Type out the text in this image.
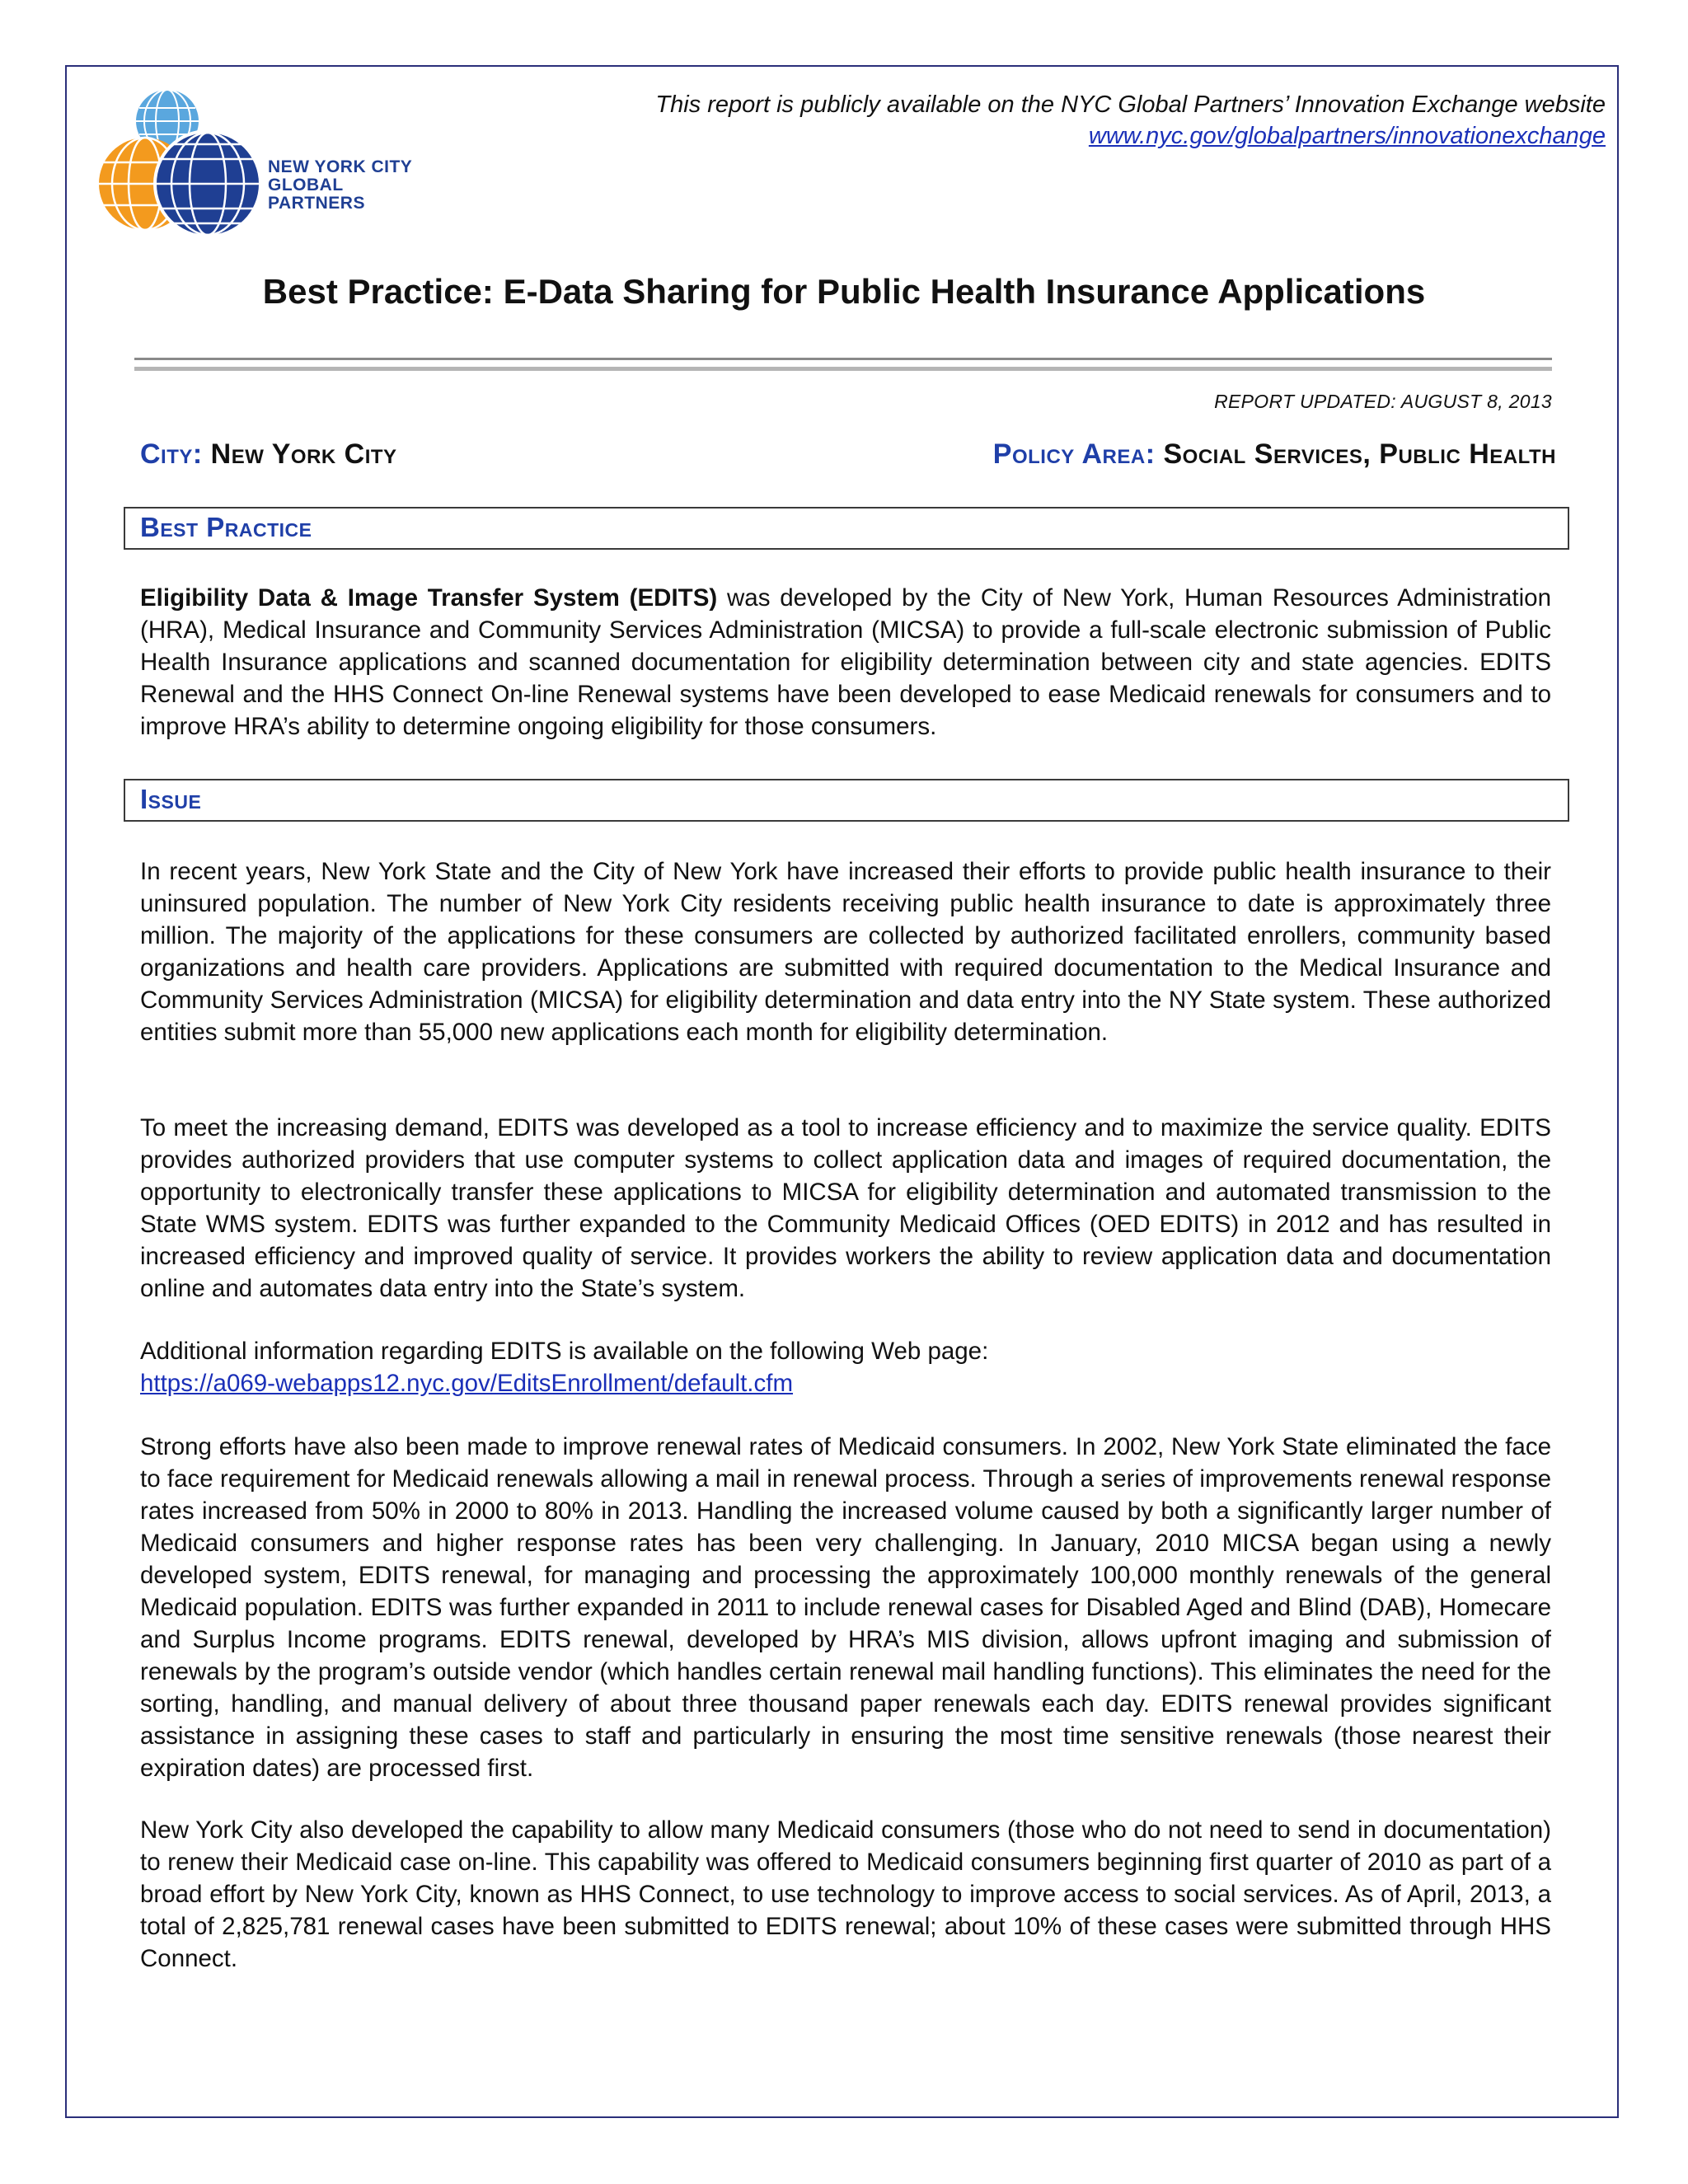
NEW YORK CITY
GLOBAL
PARTNERS
This report is publicly available on the NYC Global Partners’ Innovation Exchange website
www.nyc.gov/globalpartners/innovationexchange
Best Practice: E-Data Sharing for Public Health Insurance Applications
REPORT UPDATED: AUGUST 8, 2013
City: New York City	Policy Area: Social Services, Public Health
Best Practice

Eligibility Data & Image Transfer System (EDITS) was developed by the City of New York, Human Resources Administration (HRA), Medical Insurance and Community Services Administration (MICSA) to provide a full-scale electronic submission of Public Health Insurance applications and scanned documentation for eligibility determination between city and state agencies. EDITS Renewal and the HHS Connect On-line Renewal systems have been developed to ease Medicaid renewals for consumers and to improve HRA’s ability to determine ongoing eligibility for those consumers.

Issue

In recent years, New York State and the City of New York have increased their efforts to provide public health insurance to their uninsured population. The number of New York City residents receiving public health insurance to date is approximately three million. The majority of the applications for these consumers are collected by authorized facilitated enrollers, community based organizations and health care providers. Applications are submitted with required documentation to the Medical Insurance and Community Services Administration (MICSA) for eligibility determination and data entry into the NY State system. These authorized entities submit more than 55,000 new applications each month for eligibility determination.

To meet the increasing demand, EDITS was developed as a tool to increase efficiency and to maximize the service quality. EDITS provides authorized providers that use computer systems to collect application data and images of required documentation, the opportunity to electronically transfer these applications to MICSA for eligibility determination and automated transmission to the State WMS system. EDITS was further expanded to the Community Medicaid Offices (OED EDITS) in 2012 and has resulted in increased efficiency and improved quality of service. It provides workers the ability to review application data and documentation online and automates data entry into the State’s system.

Additional information regarding EDITS is available on the following Web page:
https://a069-webapps12.nyc.gov/EditsEnrollment/default.cfm

Strong efforts have also been made to improve renewal rates of Medicaid consumers. In 2002, New York State eliminated the face to face requirement for Medicaid renewals allowing a mail in renewal process. Through a series of improvements renewal response rates increased from 50% in 2000 to 80% in 2013. Handling the increased volume caused by both a significantly larger number of Medicaid consumers and higher response rates has been very challenging. In January, 2010 MICSA began using a newly developed system, EDITS renewal, for managing and processing the approximately 100,000 monthly renewals of the general Medicaid population. EDITS was further expanded in 2011 to include renewal cases for Disabled Aged and Blind (DAB), Homecare and Surplus Income programs. EDITS renewal, developed by HRA’s MIS division, allows upfront imaging and submission of renewals by the program’s outside vendor (which handles certain renewal mail handling functions). This eliminates the need for the sorting, handling, and manual delivery of about three thousand paper renewals each day. EDITS renewal provides significant assistance in assigning these cases to staff and particularly in ensuring the most time sensitive renewals (those nearest their expiration dates) are processed first.

New York City also developed the capability to allow many Medicaid consumers (those who do not need to send in documentation) to renew their Medicaid case on-line. This capability was offered to Medicaid consumers beginning first quarter of 2010 as part of a broad effort by New York City, known as HHS Connect, to use technology to improve access to social services. As of April, 2013, a total of 2,825,781 renewal cases have been submitted to EDITS renewal; about 10% of these cases were submitted through HHS Connect.
